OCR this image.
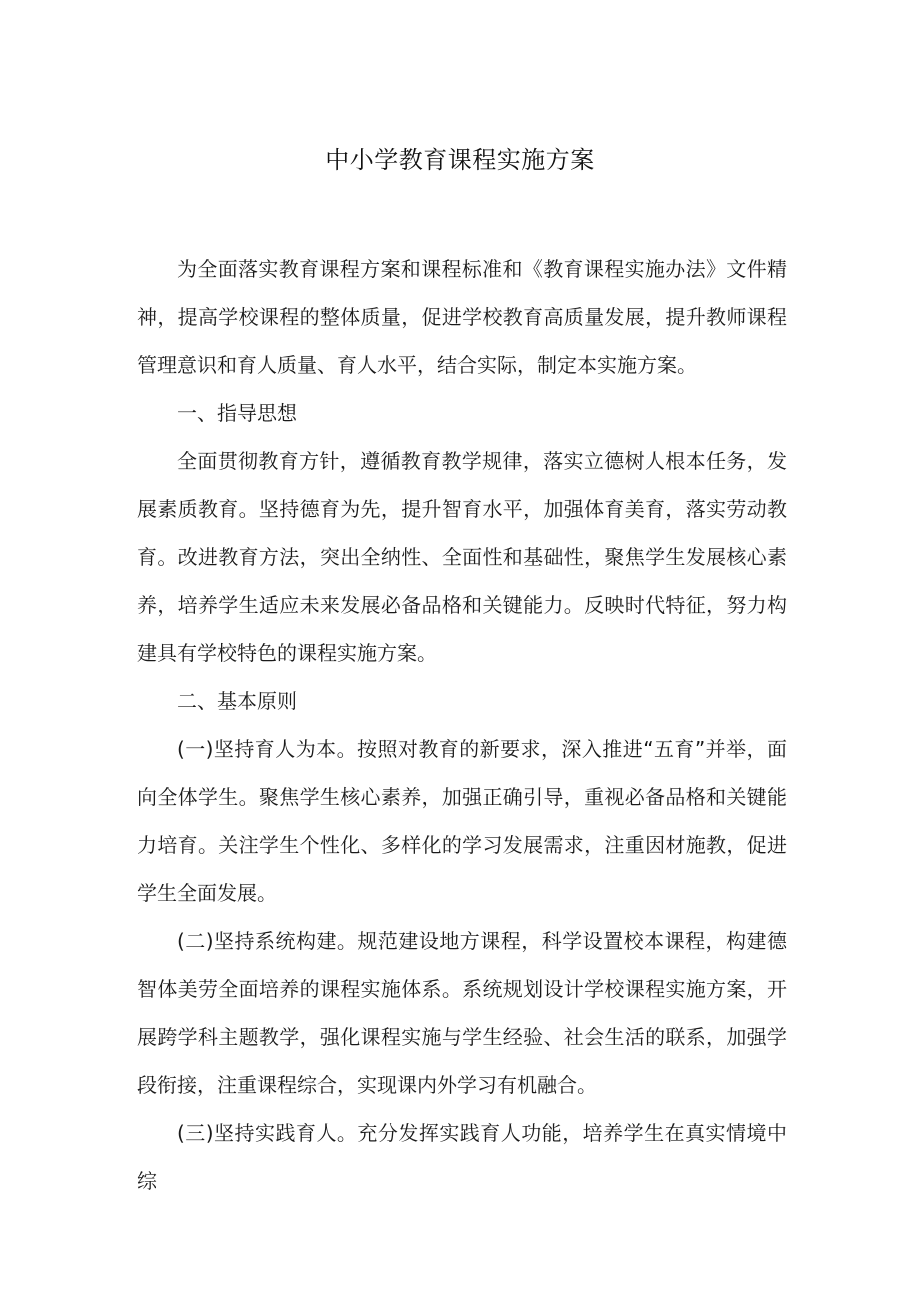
中小学教育课程实施方案

为全面落实教育课程方案和课程标准和《教育课程实施办法》文件精神，提高学校课程的整体质量，促进学校教育高质量发展，提升教师课程管理意识和育人质量、育人水平，结合实际，制定本实施方案。

一、指导思想

全面贯彻教育方针，遵循教育教学规律，落实立德树人根本任务，发展素质教育。坚持德育为先，提升智育水平，加强体育美育，落实劳动教育。改进教育方法，突出全纳性、全面性和基础性，聚焦学生发展核心素养，培养学生适应未来发展必备品格和关键能力。反映时代特征，努力构建具有学校特色的课程实施方案。

二、基本原则

(一)坚持育人为本。按照对教育的新要求，深入推进“五育”并举，面向全体学生。聚焦学生核心素养，加强正确引导，重视必备品格和关键能力培育。关注学生个性化、多样化的学习发展需求，注重因材施教，促进学生全面发展。

(二)坚持系统构建。规范建设地方课程，科学设置校本课程，构建德智体美劳全面培养的课程实施体系。系统规划设计学校课程实施方案，开展跨学科主题教学，强化课程实施与学生经验、社会生活的联系，加强学段衔接，注重课程综合，实现课内外学习有机融合。

(三)坚持实践育人。充分发挥实践育人功能，培养学生在真实情境中综
